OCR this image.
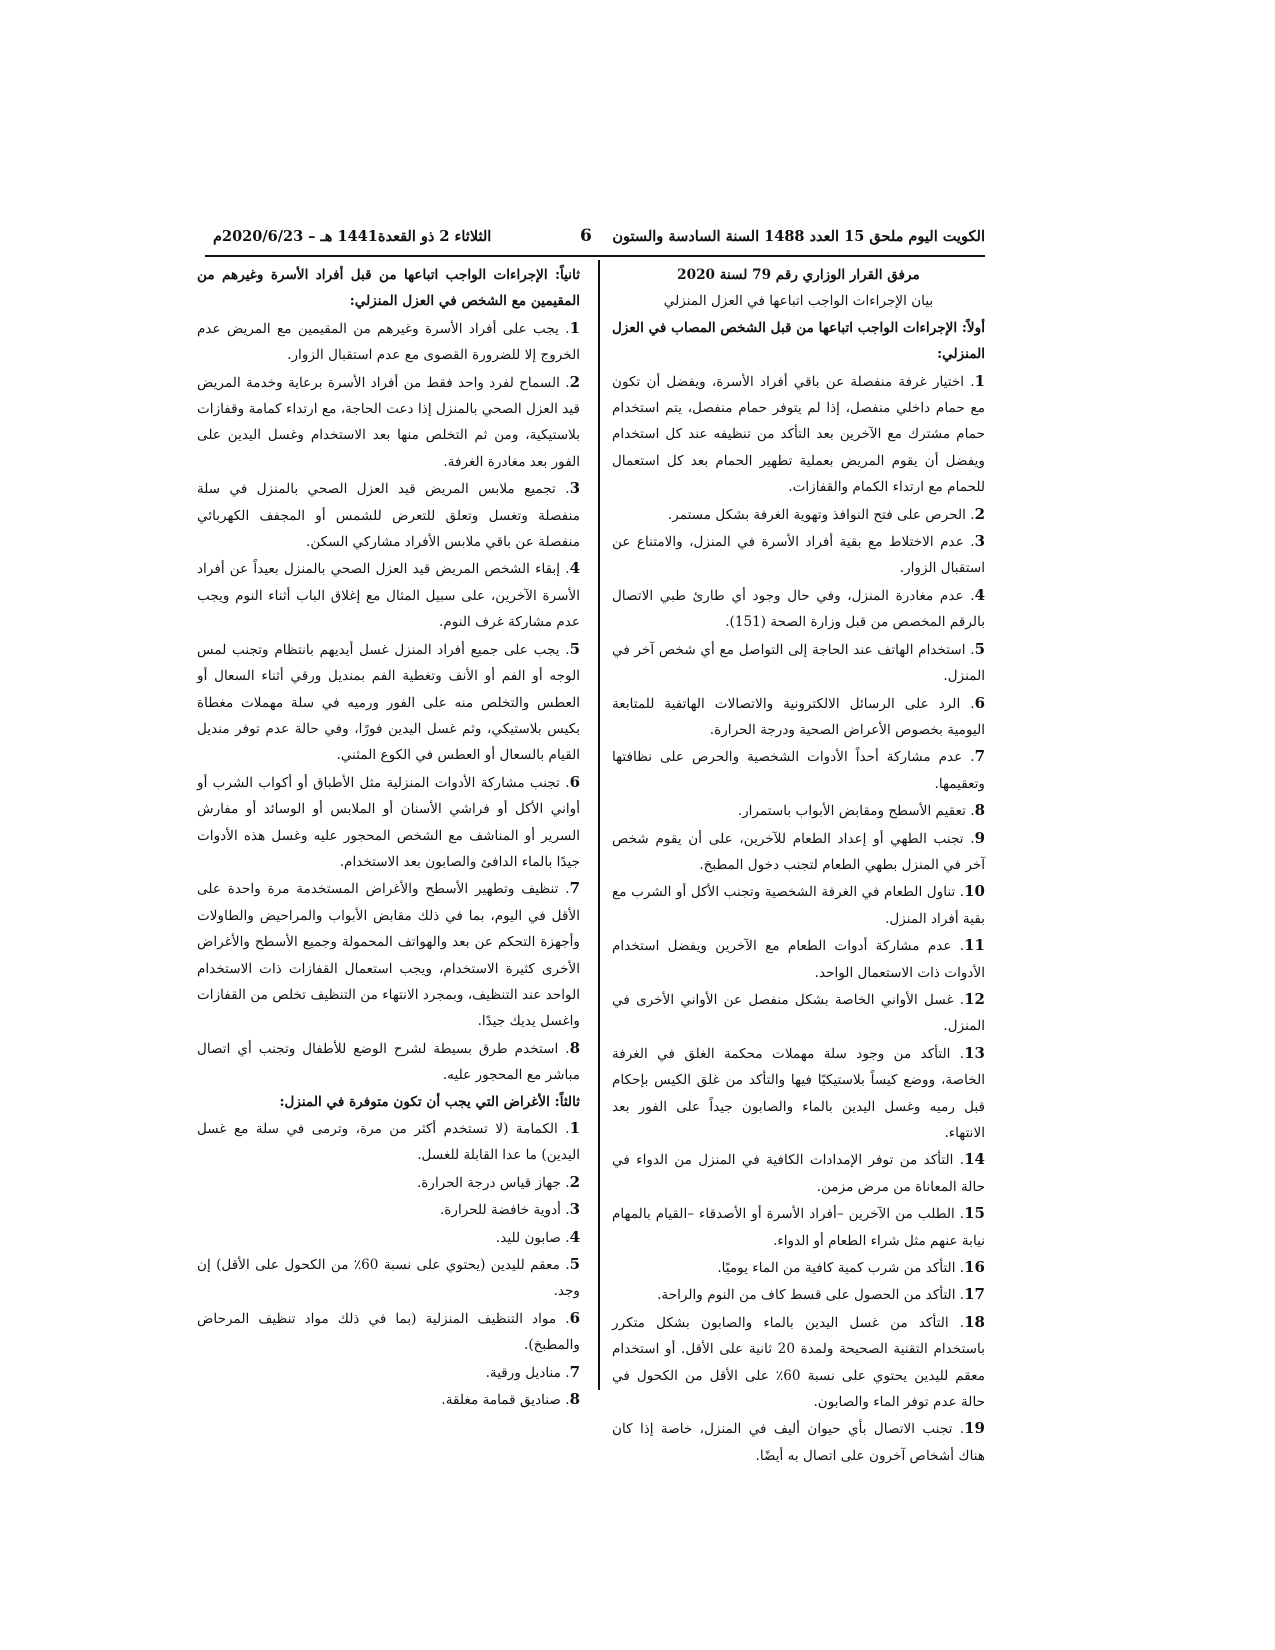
الكويت اليوم ملحق 15 العدد 1488 السنة السادسة والستون
6
الثلاثاء 2 ذو القعدة1441 هـ – 2020/6/23م

مرفق القرار الوزاري رقم 79 لسنة 2020

بيان الإجراءات الواجب اتباعها في العزل المنزلي

أولاً: الإجراءات الواجب اتباعها من قبل الشخص المصاب في العزل المنزلي:

1. اختيار غرفة منفصلة عن باقي أفراد الأسرة، ويفضل أن تكون مع حمام داخلي منفصل، إذا لم يتوفر حمام منفصل، يتم استخدام حمام مشترك مع الآخرين بعد التأكد من تنظيفه عند كل استخدام ويفضل أن يقوم المريض بعملية تطهير الحمام بعد كل استعمال للحمام مع ارتداء الكمام والقفازات.

2. الحرص على فتح النوافذ وتهوية الغرفة بشكل مستمر.

3. عدم الاختلاط مع بقية أفراد الأسرة في المنزل، والامتناع عن استقبال الزوار.

4. عدم مغادرة المنزل، وفي حال وجود أي طارئ طبي الاتصال بالرقم المخصص من قبل وزارة الصحة (151).

5. استخدام الهاتف عند الحاجة إلى التواصل مع أي شخص آخر في المنزل.

6. الرد على الرسائل الالكترونية والاتصالات الهاتفية للمتابعة اليومية بخصوص الأعراض الصحية ودرجة الحرارة.

7. عدم مشاركة أحداً الأدوات الشخصية والحرص على نظافتها وتعقيمها.

8. تعقيم الأسطح ومقابض الأبواب باستمرار.

9. تجنب الطهي أو إعداد الطعام للآخرين، على أن يقوم شخص آخر في المنزل بطهي الطعام لتجنب دخول المطبخ.

10. تناول الطعام في الغرفة الشخصية وتجنب الأكل أو الشرب مع بقية أفراد المنزل.

11. عدم مشاركة أدوات الطعام مع الآخرين ويفضل استخدام الأدوات ذات الاستعمال الواحد.

12. غسل الأواني الخاصة بشكل منفصل عن الأواني الأخرى في المنزل.

13. التأكد من وجود سلة مهملات محكمة الغلق في الغرفة الخاصة، ووضع كيساً بلاستيكيًا فيها والتأكد من غلق الكيس بإحكام قبل رميه وغسل اليدين بالماء والصابون جيداً على الفور بعد الانتهاء.

14. التأكد من توفر الإمدادات الكافية في المنزل من الدواء في حالة المعاناة من مرض مزمن.

15. الطلب من الآخرين –أفراد الأسرة أو الأصدقاء –القيام بالمهام نيابة عنهم مثل شراء الطعام أو الدواء.

16. التأكد من شرب كمية كافية من الماء يوميًا.

17. التأكد من الحصول على قسط كاف من النوم والراحة.

18. التأكد من غسل اليدين بالماء والصابون بشكل متكرر باستخدام التقنية الصحيحة ولمدة 20 ثانية على الأقل. أو استخدام معقم لليدين يحتوي على نسبة 60٪ على الأقل من الكحول في حالة عدم توفر الماء والصابون.

19. تجنب الاتصال بأي حيوان أليف في المنزل، خاصة إذا كان هناك أشخاص آخرون على اتصال به أيضًا.

ثانياً: الإجراءات الواجب اتباعها من قبل أفراد الأسرة وغيرهم من المقيمين مع الشخص في العزل المنزلي:

1. يجب على أفراد الأسرة وغيرهم من المقيمين مع المريض عدم الخروج إلا للضرورة القصوى مع عدم استقبال الزوار.

2. السماح لفرد واحد فقط من أفراد الأسرة برعاية وخدمة المريض قيد العزل الصحي بالمنزل إذا دعت الحاجة، مع ارتداء كمامة وقفازات بلاستيكية، ومن ثم التخلص منها بعد الاستخدام وغسل اليدين على الفور بعد مغادرة الغرفة.

3. تجميع ملابس المريض قيد العزل الصحي بالمنزل في سلة منفصلة وتغسل وتعلق للتعرض للشمس أو المجفف الكهربائي منفصلة عن باقي ملابس الأفراد مشاركي السكن.

4. إبقاء الشخص المريض قيد العزل الصحي بالمنزل بعيداً عن أفراد الأسرة الآخرين، على سبيل المثال مع إغلاق الباب أثناء النوم ويجب عدم مشاركة غرف النوم.

5. يجب على جميع أفراد المنزل غسل أيديهم بانتظام وتجنب لمس الوجه أو الفم أو الأنف وتغطية الفم بمنديل ورقي أثناء السعال أو العطس والتخلص منه على الفور ورميه في سلة مهملات مغطاة بكيس بلاستيكي، وثم غسل اليدين فورًا، وفي حالة عدم توفر منديل القيام بالسعال أو العطس في الكوع المثني.

6. تجنب مشاركة الأدوات المنزلية مثل الأطباق أو أكواب الشرب أو أواني الأكل أو فراشي الأسنان أو الملابس أو الوسائد أو مفارش السرير أو المناشف مع الشخص المحجور عليه وغسل هذه الأدوات جيدًا بالماء الدافئ والصابون بعد الاستخدام.

7. تنظيف وتطهير الأسطح والأغراض المستخدمة مرة واحدة على الأقل في اليوم، بما في ذلك مقابض الأبواب والمراحيض والطاولات وأجهزة التحكم عن بعد والهواتف المحمولة وجميع الأسطح والأغراض الأخرى كثيرة الاستخدام، ويجب استعمال القفازات ذات الاستخدام الواحد عند التنظيف، وبمجرد الانتهاء من التنظيف تخلص من القفازات واغسل يديك جيدًا.

8. استخدم طرق بسيطة لشرح الوضع للأطفال وتجنب أي اتصال مباشر مع المحجور عليه.

ثالثاً: الأغراض التي يجب أن تكون متوفرة في المنزل:

1. الكمامة (لا تستخدم أكثر من مرة، وترمى في سلة مع غسل اليدين) ما عدا القابلة للغسل.

2. جهاز قياس درجة الحرارة.

3. أدوية خافضة للحرارة.

4. صابون لليد.

5. معقم لليدين (يحتوي على نسبة 60٪ من الكحول على الأقل) إن وجد.

6. مواد التنظيف المنزلية (بما في ذلك مواد تنظيف المرحاض والمطبخ).

7. مناديل ورقية.

8. صناديق قمامة مغلقة.
